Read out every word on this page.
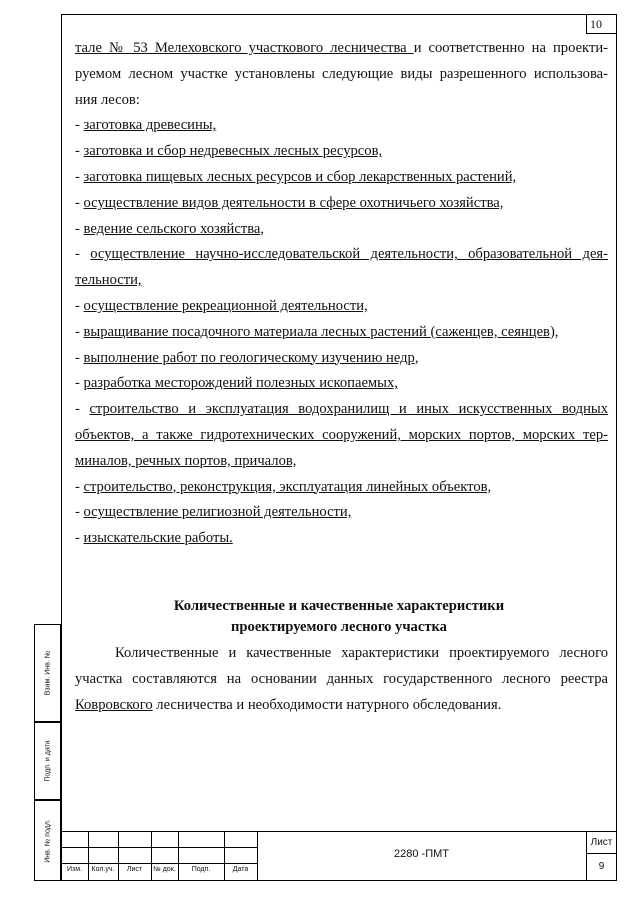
10
Взам. Инв. №
Подп. и дата
Инв. № подл.

тале № 53 Мелеховского участкового лесничества и соответственно на проекти-

руемом лесном участке установлены следующие виды разрешенного использова-

ния лесов:

- заготовка древесины,

- заготовка и сбор недревесных лесных ресурсов,

- заготовка пищевых лесных ресурсов и сбор лекарственных растений,

- осуществление видов деятельности в сфере охотничьего хозяйства,

- ведение сельского хозяйства,

- осуществление научно-исследовательской деятельности, образовательной дея-

тельности,

- осуществление рекреационной деятельности,

- выращивание посадочного материала лесных растений (саженцев, сеянцев),

- выполнение работ по геологическому изучению недр,

- разработка месторождений полезных ископаемых,

- строительство и эксплуатация водохранилищ и иных искусственных водных

объектов, а также гидротехнических сооружений, морских портов, морских тер-

миналов, речных портов, причалов,

- строительство, реконструкция, эксплуатация линейных объектов,

- осуществление религиозной деятельности,

- изыскательские работы.

Количественные и качественные характеристики
проектируемого лесного участка

Количественные и качественные характеристики проектируемого лесного

участка составляются на основании данных государственного лесного реестра

Ковровского лесничества и необходимости натурного обследования.

Изм.	Кол.уч.	Лист	№ док.	Подп.	Дата
2280 -ПМТ
Лист
9
